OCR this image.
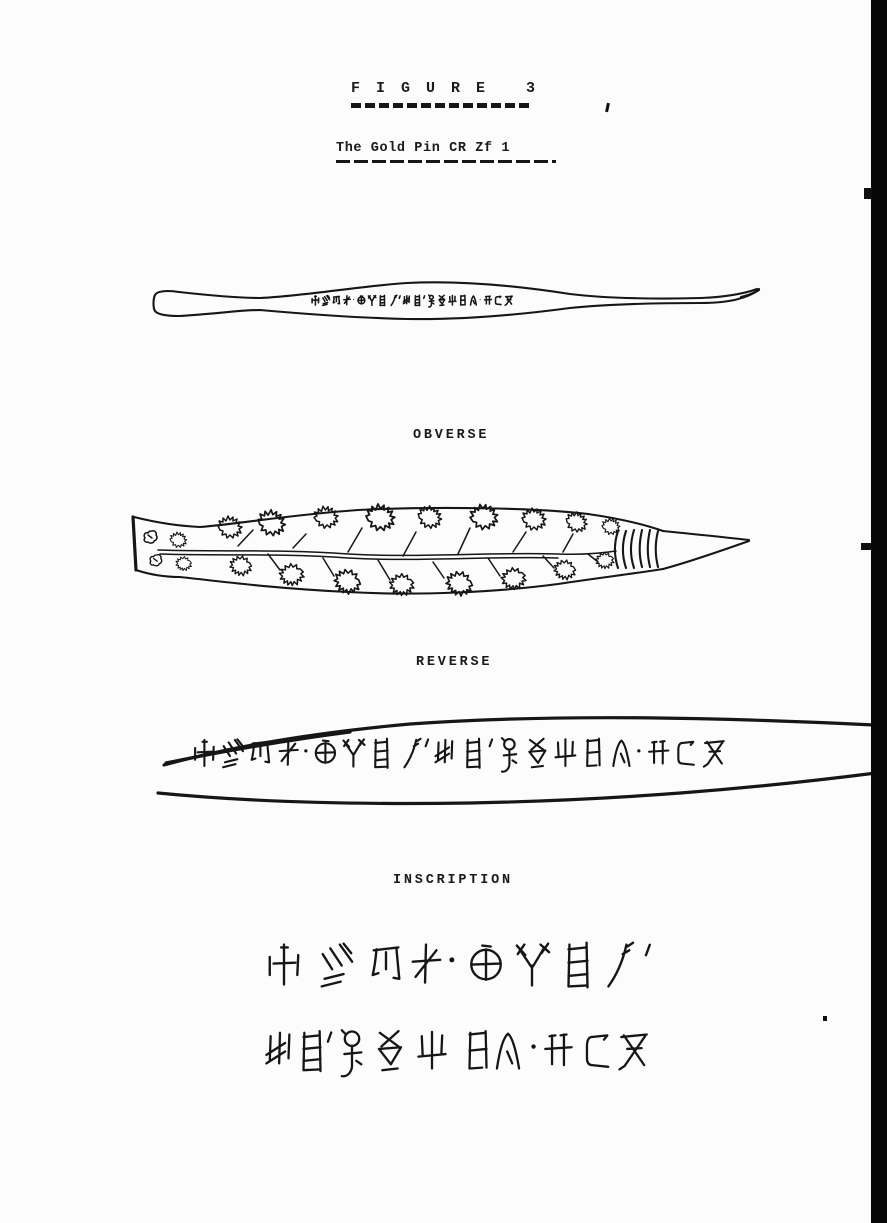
F I G U R E   3
The Gold Pin CR Zf 1
OBVERSE
REVERSE
INSCRIPTION
